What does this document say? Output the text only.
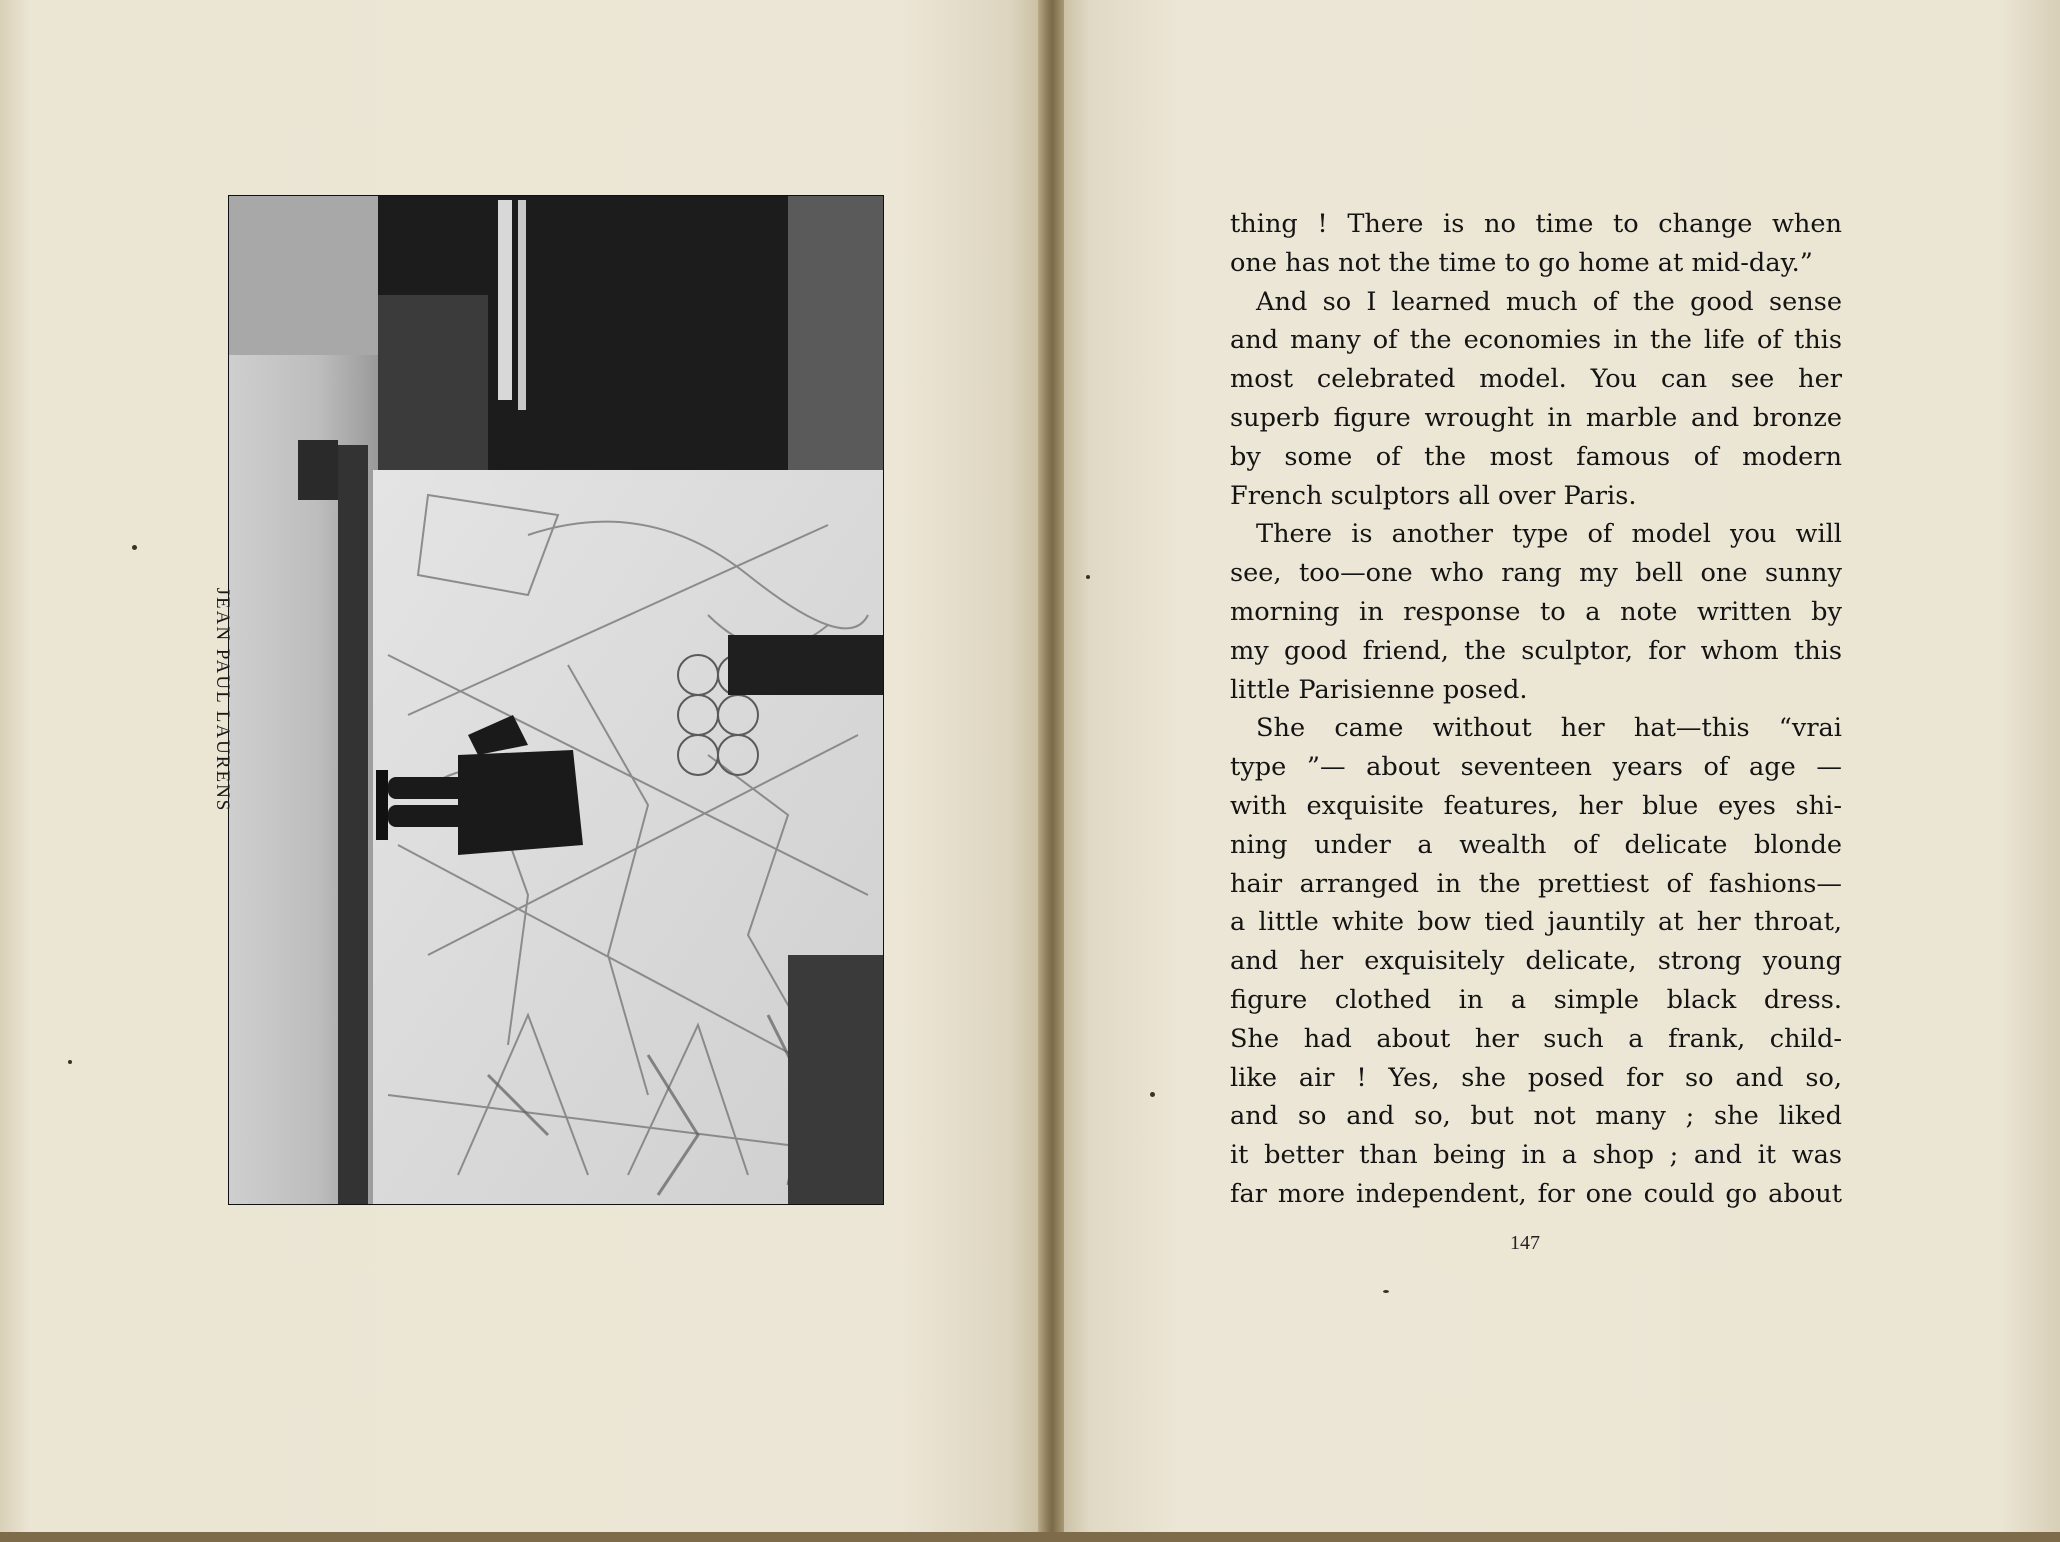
JEAN PAUL LAURENS
thing ! There is no time to change when
one has not the time to go home at mid-day.”
And so I learned much of the good sense
and many of the economies in the life of this
most celebrated model. You can see her
superb figure wrought in marble and bronze
by some of the most famous of modern
French sculptors all over Paris.
There is another type of model you will
see, too—one who rang my bell one sunny
morning in response to a note written by
my good friend, the sculptor, for whom this
little Parisienne posed.
She came without her hat—this “vrai
type ”— about seventeen years of age —
with exquisite features, her blue eyes shi-
ning under a wealth of delicate blonde
hair arranged in the prettiest of fashions—
a little white bow tied jauntily at her throat,
and her exquisitely delicate, strong young
figure clothed in a simple black dress.
She had about her such a frank, child-
like air ! Yes, she posed for so and so,
and so and so, but not many ; she liked
it better than being in a shop ; and it was
far more independent, for one could go about
147
